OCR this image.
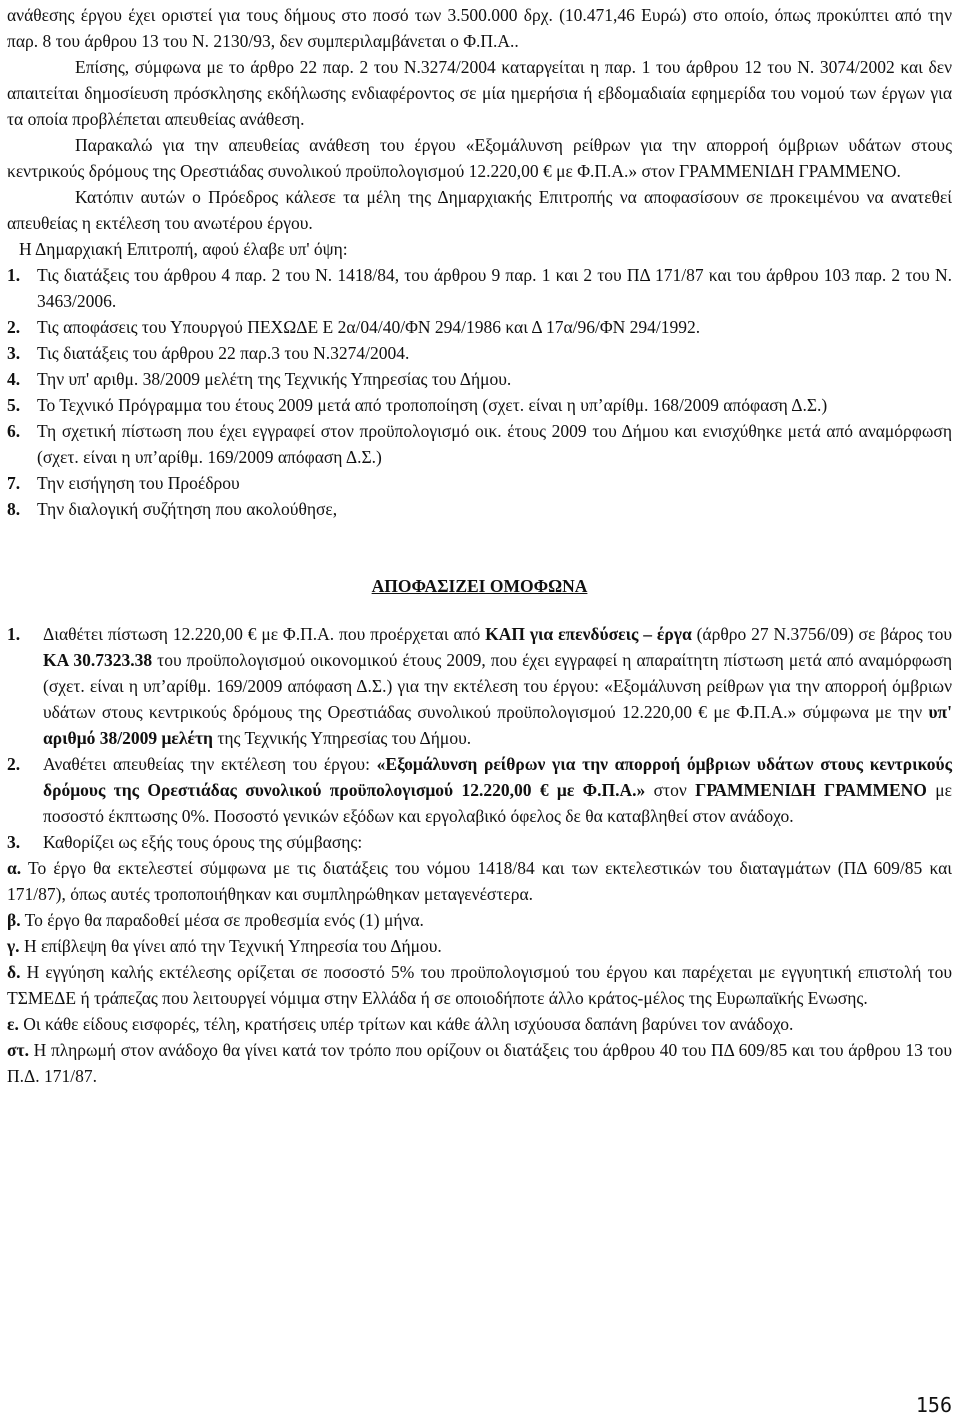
ανάθεσης έργου έχει οριστεί για τους δήμους στο ποσό των 3.500.000 δρχ. (10.471,46 Ευρώ) στο οποίο, όπως προκύπτει από την παρ. 8 του άρθρου 13 του Ν. 2130/93, δεν συμπεριλαμβάνεται ο Φ.Π.Α..

Επίσης, σύμφωνα με το άρθρο 22 παρ. 2 του Ν.3274/2004 καταργείται η παρ. 1 του άρθρου 12 του Ν. 3074/2002 και δεν απαιτείται δημοσίευση πρόσκλησης εκδήλωσης ενδιαφέροντος σε μία ημερήσια ή εβδομαδιαία εφημερίδα του νομού των έργων για τα οποία προβλέπεται απευθείας ανάθεση.

Παρακαλώ για την απευθείας ανάθεση του έργου «Εξομάλυνση ρείθρων για την απορροή όμβριων υδάτων στους κεντρικούς δρόμους της Ορεστιάδας συνολικού προϋπολογισμού 12.220,00 € με Φ.Π.Α.» στον ΓΡΑΜΜΕΝΙΔΗ ΓΡΑΜΜΕΝΟ.

Κατόπιν αυτών ο Πρόεδρος κάλεσε τα μέλη της Δημαρχιακής Επιτροπής να αποφασίσουν σε προκειμένου να ανατεθεί απευθείας η εκτέλεση του ανωτέρου έργου.

Η Δημαρχιακή Επιτροπή, αφού έλαβε υπ' όψη:

1. Τις διατάξεις του άρθρου 4 παρ. 2 του Ν. 1418/84, του άρθρου 9 παρ. 1 και 2 του ΠΔ 171/87 και του άρθρου 103 παρ. 2 του Ν. 3463/2006.
2. Τις αποφάσεις του Υπουργού ΠΕΧΩΔΕ Ε 2α/04/40/ΦΝ 294/1986 και Δ 17α/96/ΦΝ 294/1992.
3. Τις διατάξεις του άρθρου 22 παρ.3 του Ν.3274/2004.
4. Την υπ' αριθμ. 38/2009 μελέτη της Τεχνικής Υπηρεσίας του Δήμου.
5. Το Τεχνικό Πρόγραμμα του έτους 2009 μετά από τροποποίηση (σχετ. είναι η υπ’αρίθμ. 168/2009 απόφαση Δ.Σ.)
6. Τη σχετική πίστωση που έχει εγγραφεί στον προϋπολογισμό οικ. έτους 2009 του Δήμου και ενισχύθηκε μετά από αναμόρφωση (σχετ. είναι η υπ’αρίθμ. 169/2009 απόφαση Δ.Σ.)
7. Την εισήγηση του Προέδρου
8. Την διαλογική συζήτηση που ακολούθησε,
ΑΠΟΦΑΣΙΖΕΙ ΟΜΟΦΩΝΑ
1.	Διαθέτει πίστωση 12.220,00 € με Φ.Π.Α. που προέρχεται από ΚΑΠ για επενδύσεις – έργα (άρθρο 27 Ν.3756/09) σε βάρος του ΚΑ 30.7323.38 του προϋπολογισμού οικονομικού έτους 2009, που έχει εγγραφεί η απαραίτητη πίστωση μετά από αναμόρφωση (σχετ. είναι η υπ’αρίθμ. 169/2009 απόφαση Δ.Σ.) για την εκτέλεση του έργου: «Εξομάλυνση ρείθρων για την απορροή όμβριων υδάτων στους κεντρικούς δρόμους της Ορεστιάδας συνολικού προϋπολογισμού 12.220,00 € με Φ.Π.Α.» σύμφωνα με την υπ' αριθμό 38/2009 μελέτη της Τεχνικής Υπηρεσίας του Δήμου.
2.	Αναθέτει απευθείας την εκτέλεση του έργου: «Εξομάλυνση ρείθρων για την απορροή όμβριων υδάτων στους κεντρικούς δρόμους της Ορεστιάδας συνολικού προϋπολογισμού 12.220,00 € με Φ.Π.Α.» στον ΓΡΑΜΜΕΝΙΔΗ ΓΡΑΜΜΕΝΟ με ποσοστό έκπτωσης 0%. Ποσοστό γενικών εξόδων και εργολαβικό όφελος δε θα καταβληθεί στον ανάδοχο.
3.	Καθορίζει ως εξής τους όρους της σύμβασης:

α. Το έργο θα εκτελεστεί σύμφωνα με τις διατάξεις του νόμου 1418/84 και των εκτελεστικών του διαταγμάτων (ΠΔ 609/85 και 171/87), όπως αυτές τροποποιήθηκαν και συμπληρώθηκαν μεταγενέστερα.

β. Το έργο θα παραδοθεί μέσα σε προθεσμία ενός (1) μήνα.

γ. Η επίβλεψη θα γίνει από την Τεχνική Υπηρεσία του Δήμου.

δ. Η εγγύηση καλής εκτέλεσης ορίζεται σε ποσοστό 5% του προϋπολογισμού του έργου και παρέχεται με εγγυητική επιστολή του ΤΣΜΕΔΕ ή τράπεζας που λειτουργεί νόμιμα στην Ελλάδα ή σε οποιοδήποτε άλλο κράτος-μέλος της Ευρωπαϊκής Ενωσης.

ε. Οι κάθε είδους εισφορές, τέλη, κρατήσεις υπέρ τρίτων και κάθε άλλη ισχύουσα δαπάνη βαρύνει τον ανάδοχο.

στ. Η πληρωμή στον ανάδοχο θα γίνει κατά τον τρόπο που ορίζουν οι διατάξεις του άρθρου 40 του ΠΔ 609/85 και του άρθρου 13 του Π.Δ. 171/87.

156
